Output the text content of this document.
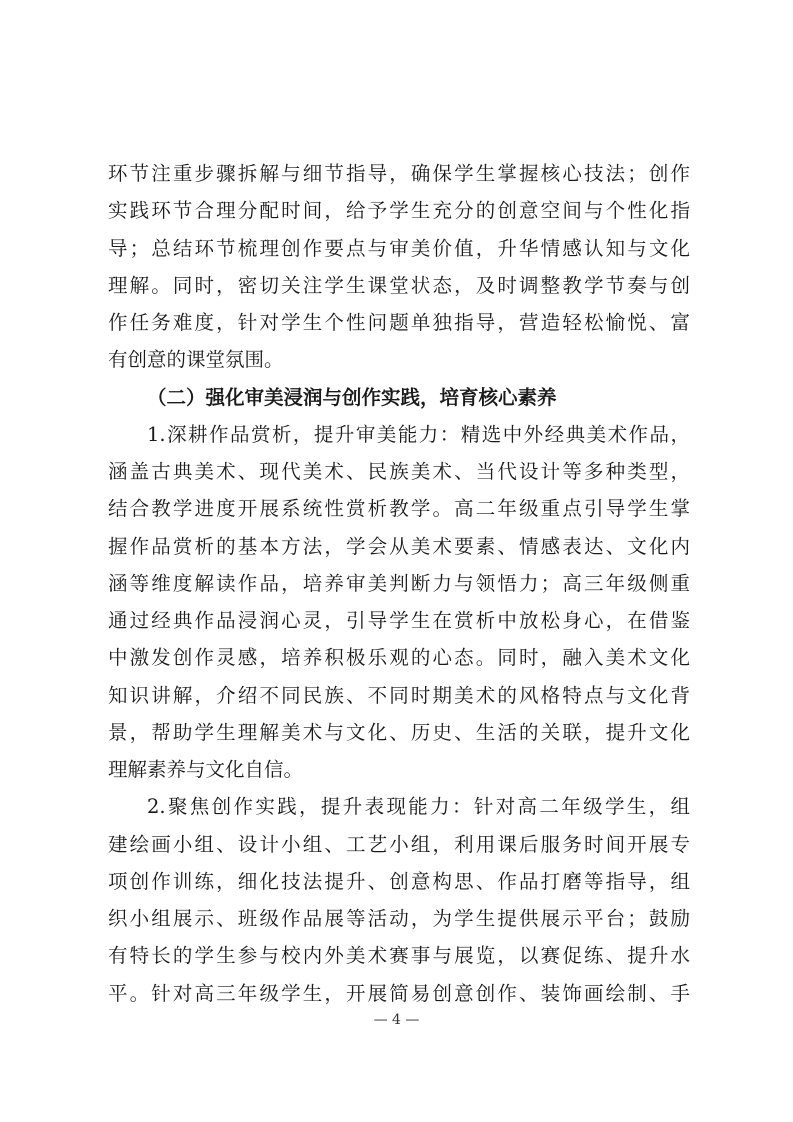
环节注重步骤拆解与细节指导，确保学生掌握核心技法；创作
实践环节合理分配时间，给予学生充分的创意空间与个性化指
导；总结环节梳理创作要点与审美价值，升华情感认知与文化
理解。同时，密切关注学生课堂状态，及时调整教学节奏与创
作任务难度，针对学生个性问题单独指导，营造轻松愉悦、富
有创意的课堂氛围。
（二）强化审美浸润与创作实践，培育核心素养
1.深耕作品赏析，提升审美能力：精选中外经典美术作品，
涵盖古典美术、现代美术、民族美术、当代设计等多种类型，
结合教学进度开展系统性赏析教学。高二年级重点引导学生掌
握作品赏析的基本方法，学会从美术要素、情感表达、文化内
涵等维度解读作品，培养审美判断力与领悟力；高三年级侧重
通过经典作品浸润心灵，引导学生在赏析中放松身心，在借鉴
中激发创作灵感，培养积极乐观的心态。同时，融入美术文化
知识讲解，介绍不同民族、不同时期美术的风格特点与文化背
景，帮助学生理解美术与文化、历史、生活的关联，提升文化
理解素养与文化自信。
2.聚焦创作实践，提升表现能力：针对高二年级学生，组
建绘画小组、设计小组、工艺小组，利用课后服务时间开展专
项创作训练，细化技法提升、创意构思、作品打磨等指导，组
织小组展示、班级作品展等活动，为学生提供展示平台；鼓励
有特长的学生参与校内外美术赛事与展览，以赛促练、提升水
平。针对高三年级学生，开展简易创意创作、装饰画绘制、手
— 4 —
